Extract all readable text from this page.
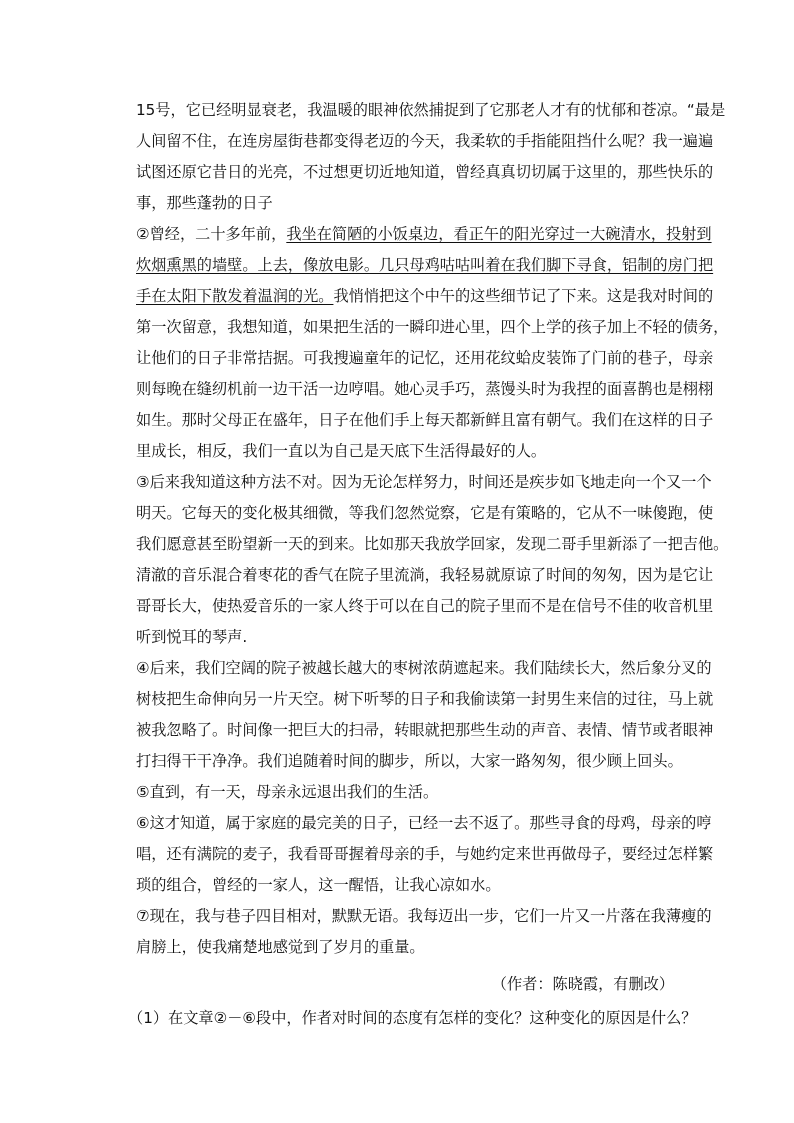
15号，它已经明显衰老，我温暖的眼神依然捕捉到了它那老人才有的忧郁和苍凉。“最是
人间留不住，在连房屋街巷都变得老迈的今天，我柔软的手指能阻挡什么呢？我一遍遍
试图还原它昔日的光亮，不过想更切近地知道，曾经真真切切属于这里的，那些快乐的
事，那些蓬勃的日子
②曾经，二十多年前，我坐在简陋的小饭桌边，看正午的阳光穿过一大碗清水，投射到
炊烟熏黑的墙壁。上去，像放电影。几只母鸡咕咕叫着在我们脚下寻食，铝制的房门把
手在太阳下散发着温润的光。我悄悄把这个中午的这些细节记了下来。这是我对时间的
第一次留意，我想知道，如果把生活的一瞬印进心里，四个上学的孩子加上不轻的债务，
让他们的日子非常拮据。可我搜遍童年的记忆，还用花纹蛤皮装饰了门前的巷子，母亲
则每晚在缝纫机前一边干活一边哼唱。她心灵手巧，蒸馒头时为我捏的面喜鹊也是栩栩
如生。那时父母正在盛年，日子在他们手上每天都新鲜且富有朝气。我们在这样的日子
里成长，相反，我们一直以为自己是天底下生活得最好的人。
③后来我知道这种方法不对。因为无论怎样努力，时间还是疾步如飞地走向一个又一个
明天。它每天的变化极其细微，等我们忽然觉察，它是有策略的，它从不一味傻跑，使
我们愿意甚至盼望新一天的到来。比如那天我放学回家，发现二哥手里新添了一把吉他。
清澈的音乐混合着枣花的香气在院子里流淌，我轻易就原谅了时间的匆匆，因为是它让
哥哥长大，使热爱音乐的一家人终于可以在自己的院子里而不是在信号不佳的收音机里
听到悦耳的琴声.
④后来，我们空阔的院子被越长越大的枣树浓荫遮起来。我们陆续长大，然后象分叉的
树枝把生命伸向另一片天空。树下听琴的日子和我偷读第一封男生来信的过往，马上就
被我忽略了。时间像一把巨大的扫帚，转眼就把那些生动的声音、表情、情节或者眼神
打扫得干干净净。我们追随着时间的脚步，所以，大家一路匆匆，很少顾上回头。
⑤直到，有一天，母亲永远退出我们的生活。
⑥这才知道，属于家庭的最完美的日子，已经一去不返了。那些寻食的母鸡，母亲的哼
唱，还有满院的麦子，我看哥哥握着母亲的手，与她约定来世再做母子，要经过怎样繁
琐的组合，曾经的一家人，这一醒悟，让我心凉如水。
⑦现在，我与巷子四目相对，默默无语。我每迈出一步，它们一片又一片落在我薄瘦的
肩膀上，使我痛楚地感觉到了岁月的重量。
（作者：陈晓霞，有删改）
（1）在文章②－⑥段中，作者对时间的态度有怎样的变化？这种变化的原因是什么？
